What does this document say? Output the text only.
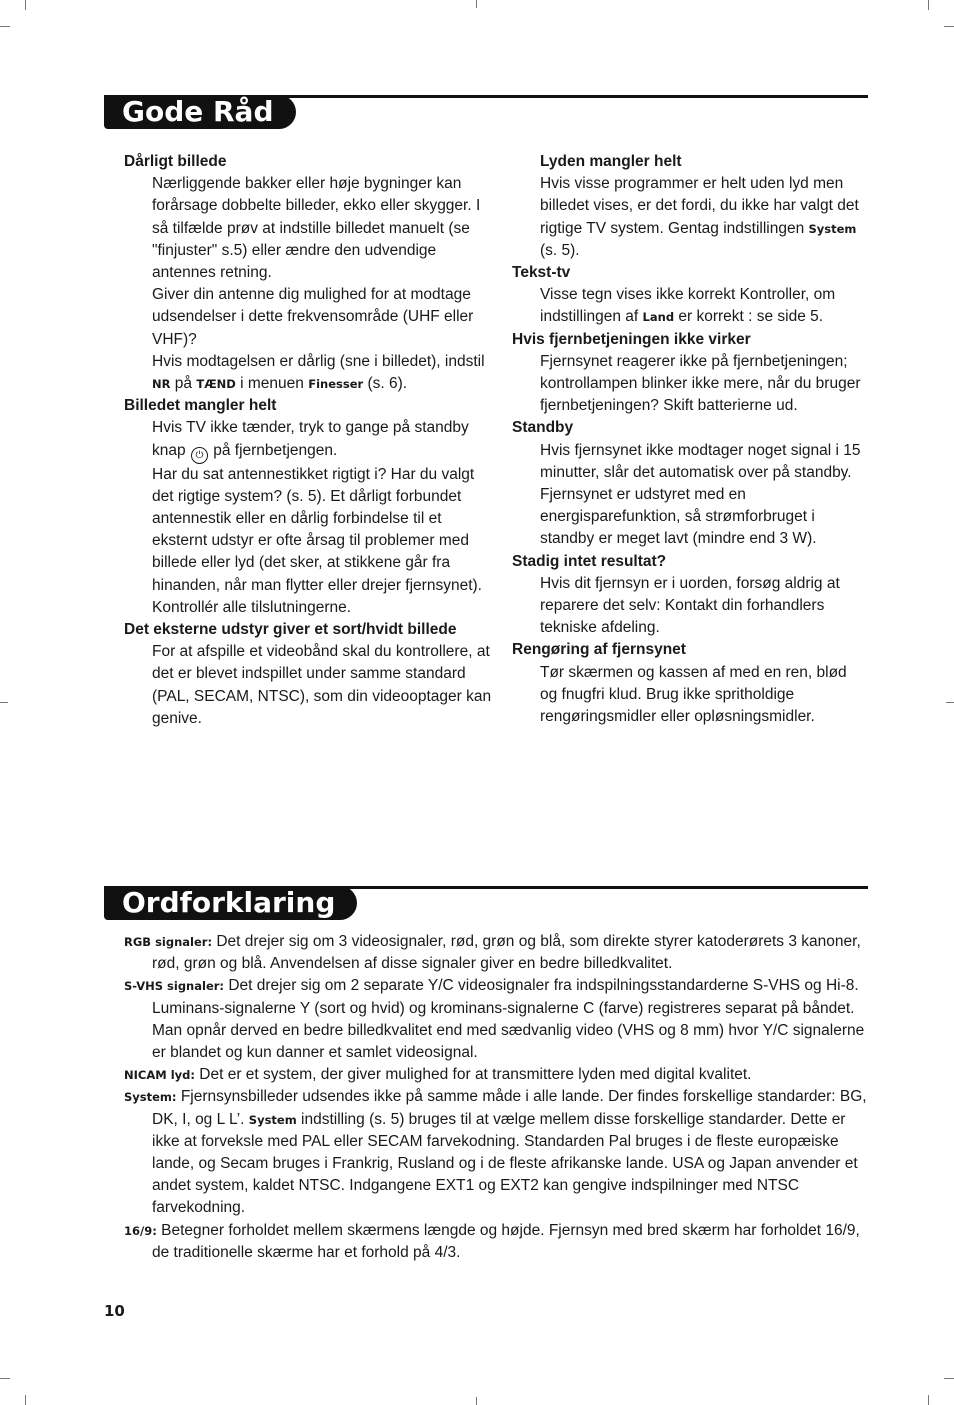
Gode Råd
Dårligt billede

Nærliggende bakker eller høje bygninger kan forårsage dobbelte billeder, ekko eller skygger. I så tilfælde prøv at indstille billedet manuelt (se "finjuster" s.5) eller ændre den udvendige antennes retning.

Giver din antenne dig mulighed for at modtage udsendelser i dette frekvensområde (UHF eller VHF)?

Hvis modtagelsen er dårlig (sne i billedet), indstil NR på TÆND i menuen Finesser (s. 6).

Billedet mangler helt

Hvis TV ikke tænder, tryk to gange på standby knap ⏻ på fjernbetjengen.

Har du sat antennestikket rigtigt i? Har du valgt det rigtige system? (s. 5). Et dårligt forbundet antennestik eller en dårlig forbindelse til et eksternt udstyr er ofte årsag til problemer med billede eller lyd (det sker, at stikkene går fra hinanden, når man flytter eller drejer fjernsynet). Kontrollér alle tilslutningerne.

Det eksterne udstyr giver et sort/hvidt billede

For at afspille et videobånd skal du kontrollere, at det er blevet indspillet under samme standard (PAL, SECAM, NTSC), som din videooptager kan genive.

Lyden mangler helt

Hvis visse programmer er helt uden lyd men billedet vises, er det fordi, du ikke har valgt det rigtige TV system. Gentag indstillingen System (s. 5).

Tekst-tv

Visse tegn vises ikke korrekt Kontroller, om indstillingen af Land er korrekt : se side 5.

Hvis fjernbetjeningen ikke virker

Fjernsynet reagerer ikke på fjernbetjeningen; kontrollampen blinker ikke mere, når du bruger fjernbetjeningen? Skift batterierne ud.

Standby

Hvis fjernsynet ikke modtager noget signal i 15 minutter, slår det automatisk over på standby.

Fjernsynet er udstyret med en energisparefunktion, så strømforbruget i standby er meget lavt (mindre end 3 W).

Stadig intet resultat?

Hvis dit fjernsyn er i uorden, forsøg aldrig at reparere det selv: Kontakt din forhandlers tekniske afdeling.

Rengøring af fjernsynet

Tør skærmen og kassen af med en ren, blød og fnugfri klud. Brug ikke spritholdige rengøringsmidler eller opløsningsmidler.

Ordforklaring

RGB signaler: Det drejer sig om 3 videosignaler, rød, grøn og blå, som direkte styrer katoderørets 3 kanoner, rød, grøn og blå. Anvendelsen af disse signaler giver en bedre billedkvalitet.

S-VHS signaler: Det drejer sig om 2 separate Y/C videosignaler fra indspilningsstandarderne S-VHS og Hi-8. Luminans-signalerne Y (sort og hvid) og krominans-signalerne C (farve) registreres separat på båndet. Man opnår derved en bedre billedkvalitet end med sædvanlig video (VHS og 8 mm) hvor Y/C signalerne er blandet og kun danner et samlet videosignal.

NICAM lyd: Det er et system, der giver mulighed for at transmittere lyden med digital kvalitet.

System: Fjernsynsbilleder udsendes ikke på samme måde i alle lande. Der findes forskellige standarder: BG, DK, I, og L L’. System indstilling (s. 5) bruges til at vælge mellem disse forskellige standarder. Dette er ikke at forveksle med PAL eller SECAM farvekodning. Standarden Pal bruges i de fleste europæiske lande, og Secam bruges i Frankrig, Rusland og i de fleste afrikanske lande. USA og Japan anvender et andet system, kaldet NTSC. Indgangene EXT1 og EXT2 kan gengive indspilninger med NTSC farvekodning.

16/9: Betegner forholdet mellem skærmens længde og højde. Fjernsyn med bred skærm har forholdet 16/9, de traditionelle skærme har et forhold på 4/3.

10
